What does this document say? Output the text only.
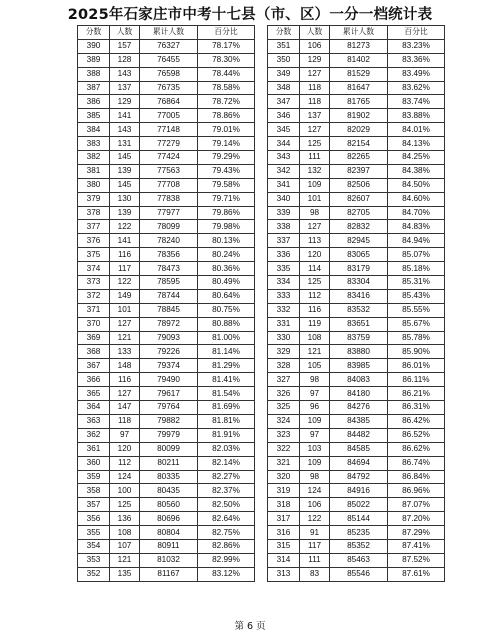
2025年石家庄市中考十七县（市、区）一分一档统计表
分数	人数	累计人数	百分比
390	157	76327	78.17%
389	128	76455	78.30%
388	143	76598	78.44%
387	137	76735	78.58%
386	129	76864	78.72%
385	141	77005	78.86%
384	143	77148	79.01%
383	131	77279	79.14%
382	145	77424	79.29%
381	139	77563	79.43%
380	145	77708	79.58%
379	130	77838	79.71%
378	139	77977	79.86%
377	122	78099	79.98%
376	141	78240	80.13%
375	116	78356	80.24%
374	117	78473	80.36%
373	122	78595	80.49%
372	149	78744	80.64%
371	101	78845	80.75%
370	127	78972	80.88%
369	121	79093	81.00%
368	133	79226	81.14%
367	148	79374	81.29%
366	116	79490	81.41%
365	127	79617	81.54%
364	147	79764	81.69%
363	118	79882	81.81%
362	97	79979	81.91%
361	120	80099	82.03%
360	112	80211	82.14%
359	124	80335	82.27%
358	100	80435	82.37%
357	125	80560	82.50%
356	136	80696	82.64%
355	108	80804	82.75%
354	107	80911	82.86%
353	121	81032	82.99%
352	135	81167	83.12%
分数	人数	累计人数	百分比
351	106	81273	83.23%
350	129	81402	83.36%
349	127	81529	83.49%
348	118	81647	83.62%
347	118	81765	83.74%
346	137	81902	83.88%
345	127	82029	84.01%
344	125	82154	84.13%
343	111	82265	84.25%
342	132	82397	84.38%
341	109	82506	84.50%
340	101	82607	84.60%
339	98	82705	84.70%
338	127	82832	84.83%
337	113	82945	84.94%
336	120	83065	85.07%
335	114	83179	85.18%
334	125	83304	85.31%
333	112	83416	85.43%
332	116	83532	85.55%
331	119	83651	85.67%
330	108	83759	85.78%
329	121	83880	85.90%
328	105	83985	86.01%
327	98	84083	86.11%
326	97	84180	86.21%
325	96	84276	86.31%
324	109	84385	86.42%
323	97	84482	86.52%
322	103	84585	86.62%
321	109	84694	86.74%
320	98	84792	86.84%
319	124	84916	86.96%
318	106	85022	87.07%
317	122	85144	87.20%
316	91	85235	87.29%
315	117	85352	87.41%
314	111	85463	87.52%
313	83	85546	87.61%
第 6 页
